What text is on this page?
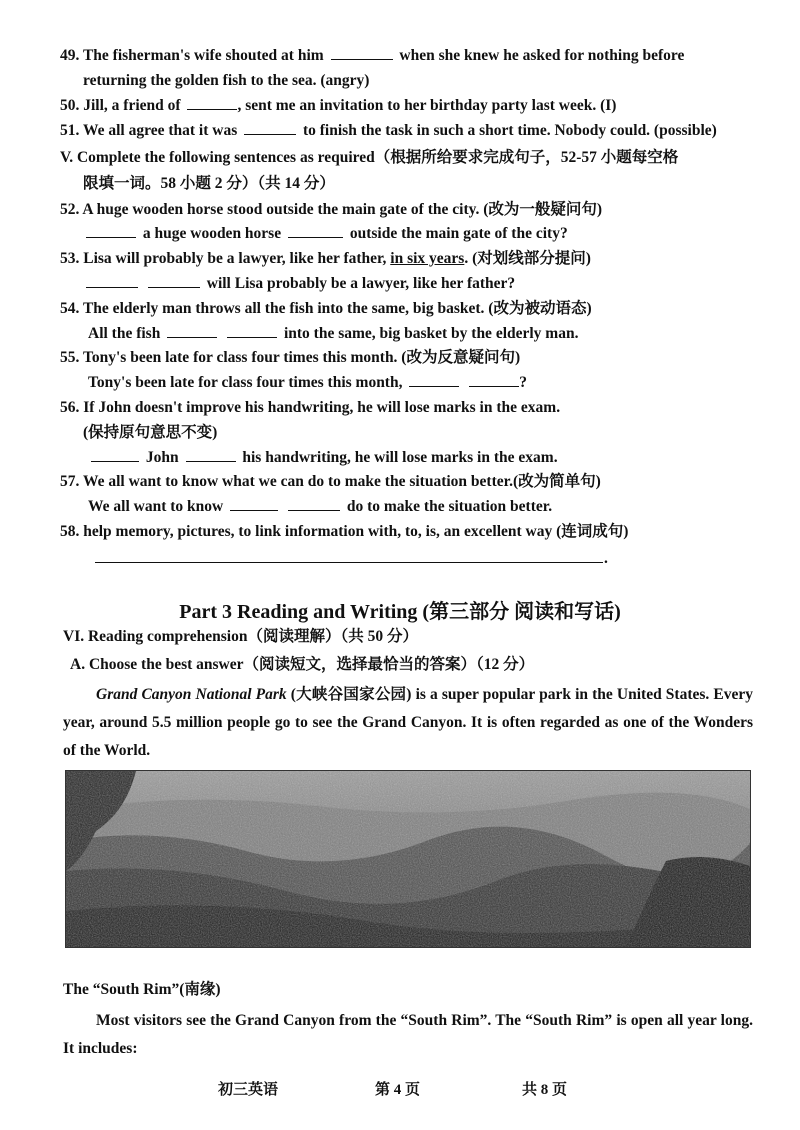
49. The fisherman's wife shouted at him	when she knew he asked for nothing before
returning the golden fish to the sea. (angry)
50. Jill, a friend of	, sent me an invitation to her birthday party last week. (I)
51. We all agree that it was	to finish the task in such a short time. Nobody could. (possible)
V. Complete the following sentences as required（根据所给要求完成句子，52-57 小题每空格
限填一词。58 小题 2 分）（共 14 分）
52. A huge wooden horse stood outside the main gate of the city. (改为一般疑问句)
a huge wooden horse	outside the main gate of the city?
53. Lisa will probably be a lawyer, like her father, in six years. (对划线部分提问)
will Lisa probably be a lawyer, like her father?
54. The elderly man throws all the fish into the same, big basket. (改为被动语态)
All the fish	into the same, big basket by the elderly man.
55. Tony's been late for class four times this month. (改为反意疑问句)
Tony's been late for class four times this month,	?
56. If John doesn't improve his handwriting, he will lose marks in the exam.
(保持原句意思不变)
John	his handwriting, he will lose marks in the exam.
57. We all want to know what we can do to make the situation better.(改为简单句)
We all want to know	do to make the situation better.
58. help memory, pictures, to link information with, to, is, an excellent way (连词成句)
.
Part 3 Reading and Writing (第三部分 阅读和写话)
VI. Reading comprehension（阅读理解）（共 50 分）
A. Choose the best answer（阅读短文，选择最恰当的答案）（12 分）
Grand Canyon National Park (大峡谷国家公园) is a super popular park in the United States. Every year, around 5.5 million people go to see the Grand Canyon. It is often regarded as one of the Wonders of the World.
The “South Rim”(南缘)
Most visitors see the Grand Canyon from the “South Rim”. The “South Rim” is open all year long. It includes:
初三英语	第 4 页	共 8 页
